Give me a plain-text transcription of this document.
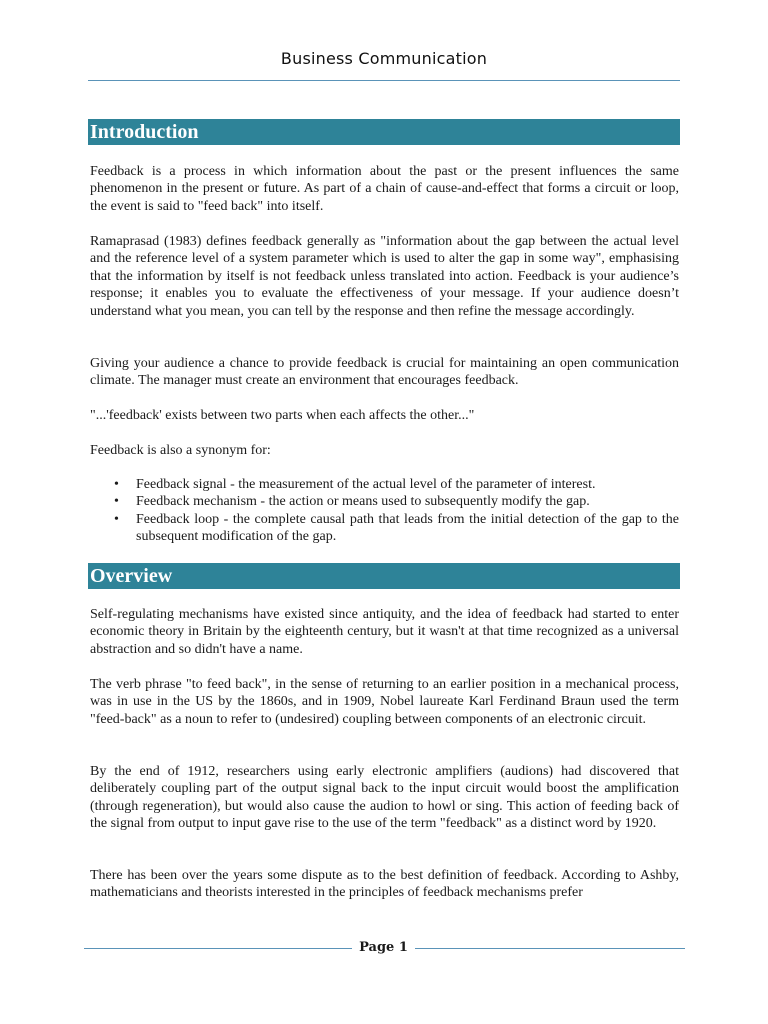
Business Communication
Introduction

Feedback is a process in which information about the past or the present influences the same phenomenon in the present or future. As part of a chain of cause-and-effect that forms a circuit or loop, the event is said to "feed back" into itself.

Ramaprasad (1983) defines feedback generally as "information about the gap between the actual level and the reference level of a system parameter which is used to alter the gap in some way", emphasising that the information by itself is not feedback unless translated into action. Feedback is your audience’s response; it enables you to evaluate the effectiveness of your message. If your audience doesn’t understand what you mean, you can tell by the response and then refine the message accordingly.

Giving your audience a chance to provide feedback is crucial for maintaining an open communication climate. The manager must create an environment that encourages feedback.

"...'feedback' exists between two parts when each affects the other..."

Feedback is also a synonym for:

• Feedback signal - the measurement of the actual level of the parameter of interest.
• Feedback mechanism - the action or means used to subsequently modify the gap.
• Feedback loop - the complete causal path that leads from the initial detection of the gap to the subsequent modification of the gap.
Overview

Self-regulating mechanisms have existed since antiquity, and the idea of feedback had started to enter economic theory in Britain by the eighteenth century, but it wasn't at that time recognized as a universal abstraction and so didn't have a name.

The verb phrase "to feed back", in the sense of returning to an earlier position in a mechanical process, was in use in the US by the 1860s, and in 1909, Nobel laureate Karl Ferdinand Braun used the term "feed-back" as a noun to refer to (undesired) coupling between components of an electronic circuit.

By the end of 1912, researchers using early electronic amplifiers (audions) had discovered that deliberately coupling part of the output signal back to the input circuit would boost the amplification (through regeneration), but would also cause the audion to howl or sing. This action of feeding back of the signal from output to input gave rise to the use of the term "feedback" as a distinct word by 1920.

There has been over the years some dispute as to the best definition of feedback. According to Ashby, mathematicians and theorists interested in the principles of feedback mechanisms prefer

Page 1
